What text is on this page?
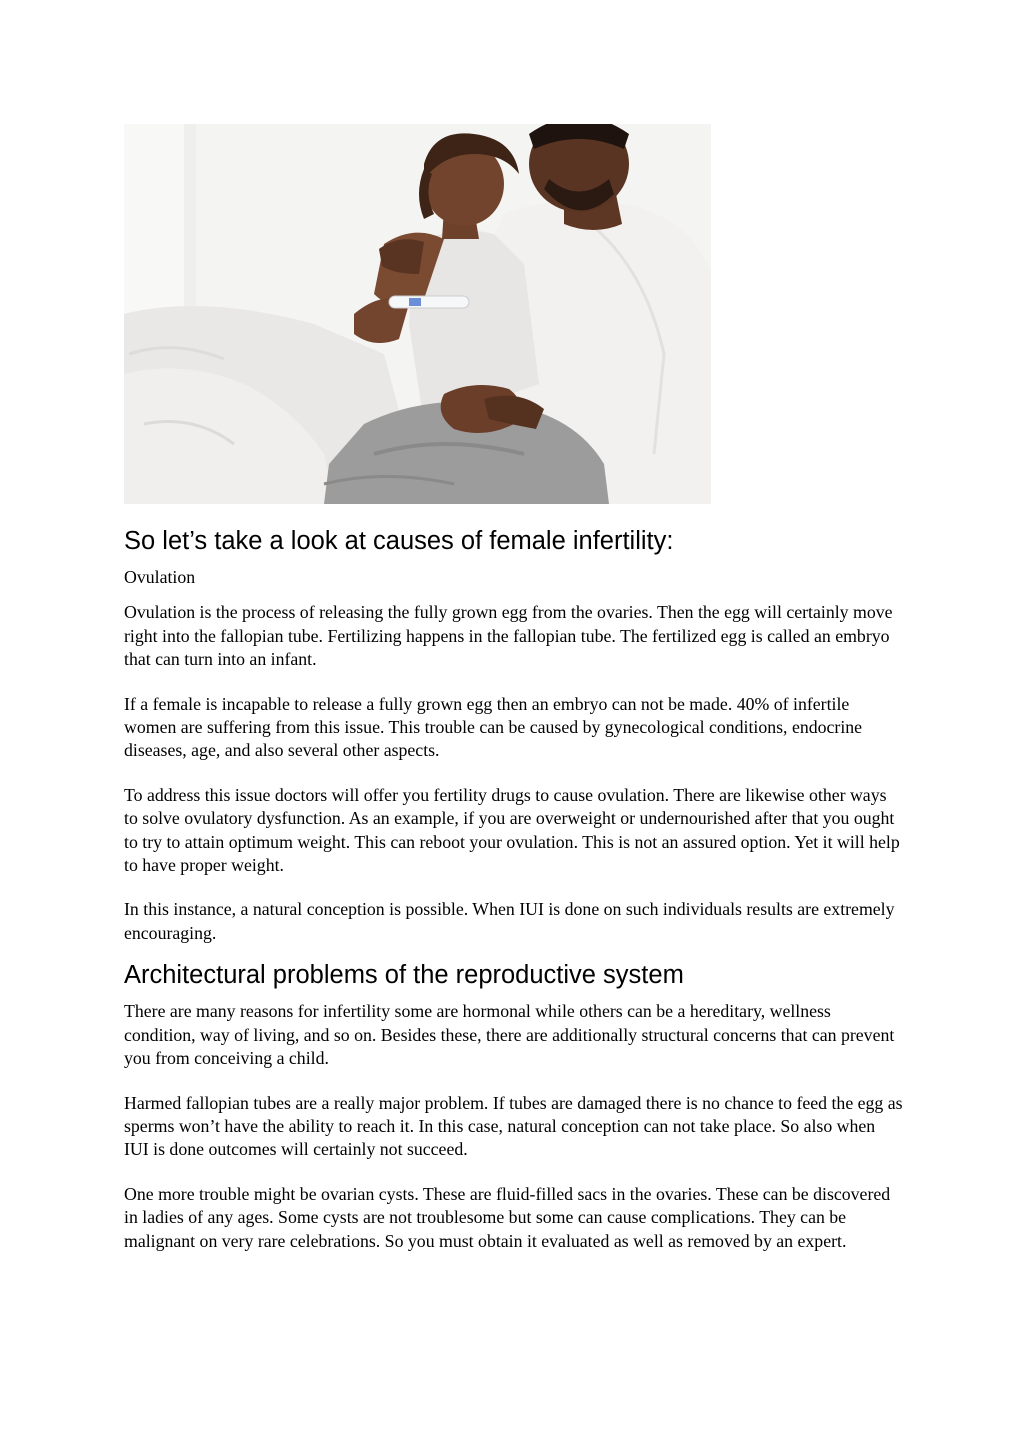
So let’s take a look at causes of female infertility:

Ovulation

Ovulation is the process of releasing the fully grown egg from the ovaries. Then the egg will certainly move right into the fallopian tube. Fertilizing happens in the fallopian tube. The fertilized egg is called an embryo that can turn into an infant.

If a female is incapable to release a fully grown egg then an embryo can not be made. 40% of infertile women are suffering from this issue. This trouble can be caused by gynecological conditions, endocrine diseases, age, and also several other aspects.

To address this issue doctors will offer you fertility drugs to cause ovulation. There are likewise other ways to solve ovulatory dysfunction. As an example, if you are overweight or undernourished after that you ought to try to attain optimum weight. This can reboot your ovulation. This is not an assured option. Yet it will help to have proper weight.

In this instance, a natural conception is possible. When IUI is done on such individuals results are extremely encouraging.

Architectural problems of the reproductive system

There are many reasons for infertility some are hormonal while others can be a hereditary, wellness condition, way of living, and so on. Besides these, there are additionally structural concerns that can prevent you from conceiving a child.

Harmed fallopian tubes are a really major problem. If tubes are damaged there is no chance to feed the egg as sperms won’t have the ability to reach it. In this case, natural conception can not take place. So also when IUI is done outcomes will certainly not succeed.

One more trouble might be ovarian cysts. These are fluid-filled sacs in the ovaries. These can be discovered in ladies of any ages. Some cysts are not troublesome but some can cause complications. They can be malignant on very rare celebrations. So you must obtain it evaluated as well as removed by an expert.
